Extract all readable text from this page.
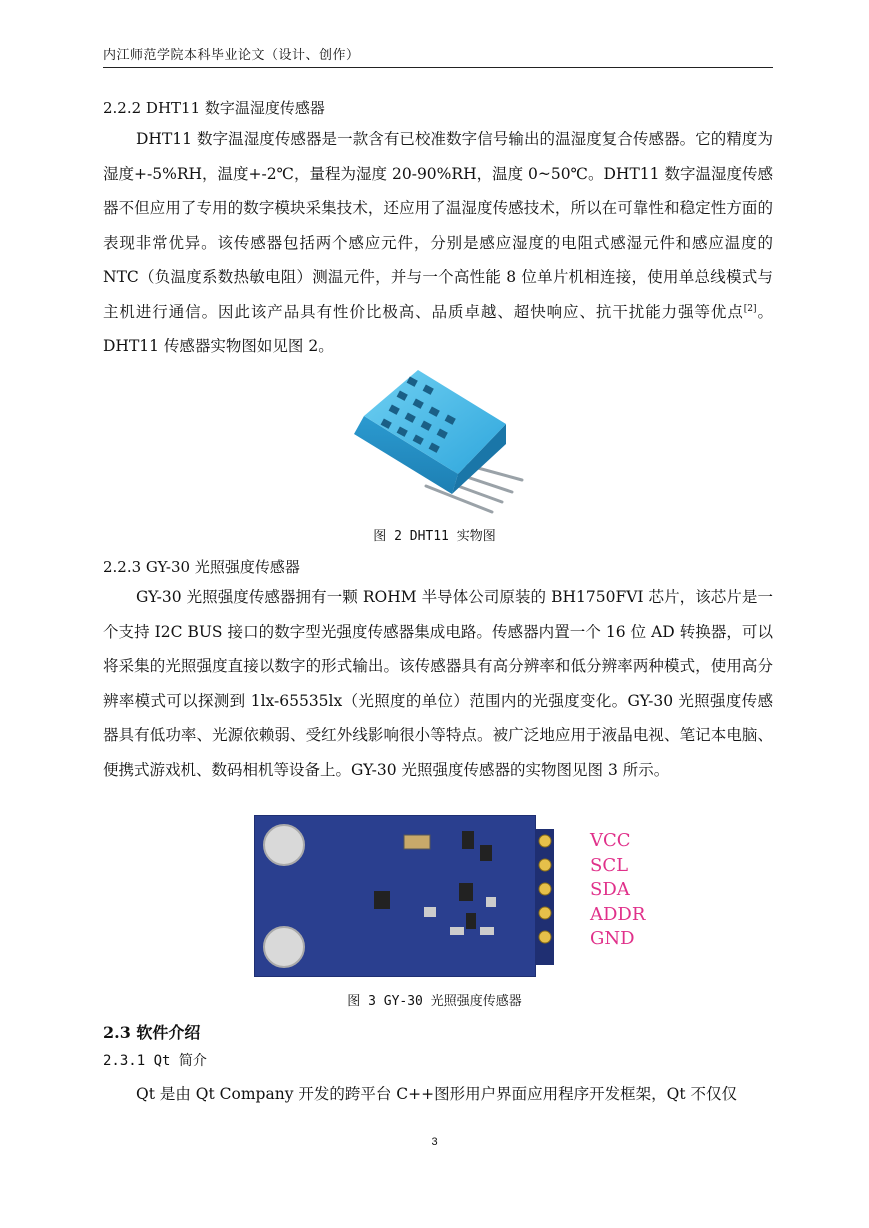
内江师范学院本科毕业论文（设计、创作）
2.2.2 DHT11 数字温湿度传感器

DHT11 数字温湿度传感器是一款含有已校准数字信号输出的温湿度复合传感器。它的精度为湿度+-5%RH，温度+-2℃，量程为湿度 20-90%RH，温度 0~50℃。DHT11 数字温湿度传感器不但应用了专用的数字模块采集技术，还应用了温湿度传感技术，所以在可靠性和稳定性方面的表现非常优异。该传感器包括两个感应元件，分别是感应湿度的电阻式感湿元件和感应温度的 NTC（负温度系数热敏电阻）测温元件，并与一个高性能 8 位单片机相连接，使用单总线模式与主机进行通信。因此该产品具有性价比极高、品质卓越、超快响应、抗干扰能力强等优点[2]。DHT11 传感器实物图如见图 2。

图 2 DHT11 实物图
2.2.3 GY-30 光照强度传感器

GY-30 光照强度传感器拥有一颗 ROHM 半导体公司原装的 BH1750FVI 芯片，该芯片是一个支持 I2C BUS 接口的数字型光强度传感器集成电路。传感器内置一个 16 位 AD 转换器，可以将采集的光照强度直接以数字的形式输出。该传感器具有高分辨率和低分辨率两种模式，使用高分辨率模式可以探测到 1lx-65535lx（光照度的单位）范围内的光强度变化。GY-30 光照强度传感器具有低功率、光源依赖弱、受红外线影响很小等特点。被广泛地应用于液晶电视、笔记本电脑、便携式游戏机、数码相机等设备上。GY-30 光照强度传感器的实物图见图 3 所示。

VCC
SCL
SDA
ADDR
GND
图 3 GY-30 光照强度传感器
2.3 软件介绍
2.3.1 Qt 简介

Qt 是由 Qt Company 开发的跨平台 C++图形用户界面应用程序开发框架，Qt 不仅仅

3
